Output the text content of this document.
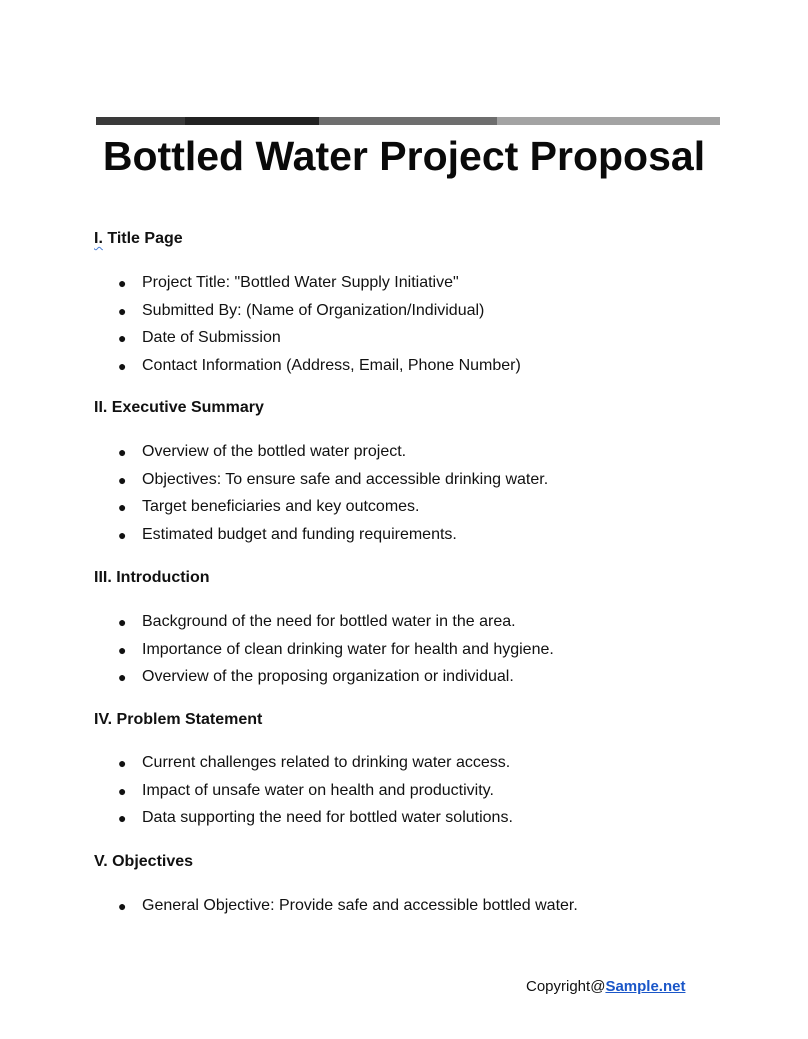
Bottled Water Project Proposal
I. Title Page
● Project Title: "Bottled Water Supply Initiative"
● Submitted By: (Name of Organization/Individual)
● Date of Submission
● Contact Information (Address, Email, Phone Number)
II. Executive Summary
● Overview of the bottled water project.
● Objectives: To ensure safe and accessible drinking water.
● Target beneficiaries and key outcomes.
● Estimated budget and funding requirements.
III. Introduction
● Background of the need for bottled water in the area.
● Importance of clean drinking water for health and hygiene.
● Overview of the proposing organization or individual.
IV. Problem Statement
● Current challenges related to drinking water access.
● Impact of unsafe water on health and productivity.
● Data supporting the need for bottled water solutions.
V. Objectives
● General Objective: Provide safe and accessible bottled water.
Copyright@Sample.net
